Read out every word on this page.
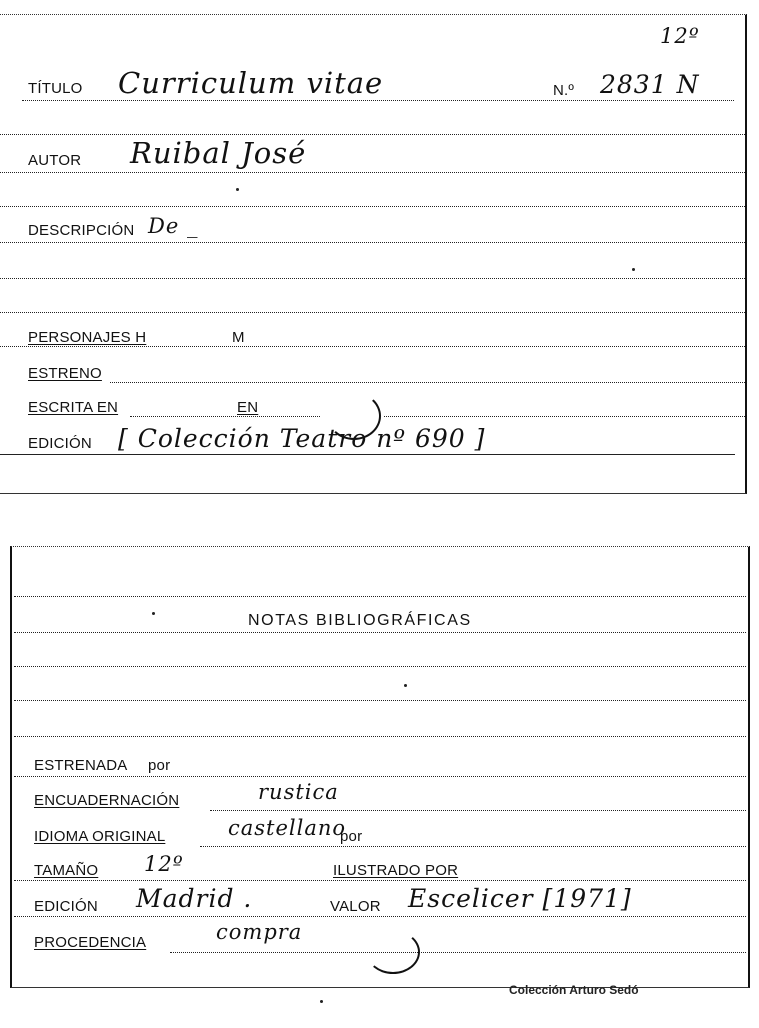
12º
TÍTULO Curriculum vitae	N.º 2831 N
AUTOR Ruibal José
DESCRIPCIÓN De _
PERSONAJES H	M
ESTRENO
ESCRITA EN	EN
EDICIÓN [ Colección Teatro nº 690 ]
NOTAS BIBLIOGRÁFICAS
ESTRENADA por
ENCUADERNACIÓN	rustica
IDIOMA ORIGINAL	castellano
por
TAMAÑO 12º	ILUSTRADO POR
EDICIÓN Madrid .	VALOR Escelicer [1971]
PROCEDENCIA	compra
Colección Arturo Sedó
